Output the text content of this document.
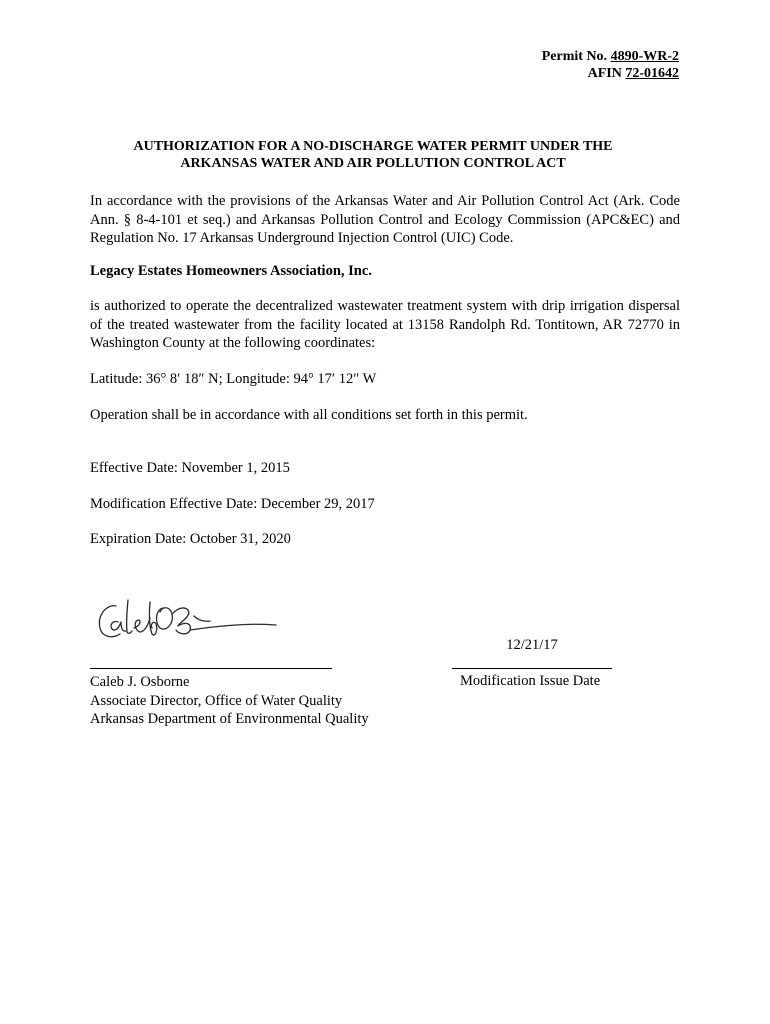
Permit No. 4890-WR-2
AFIN 72-01642
AUTHORIZATION FOR A NO-DISCHARGE WATER PERMIT UNDER THE
ARKANSAS WATER AND AIR POLLUTION CONTROL ACT
In accordance with the provisions of the Arkansas Water and Air Pollution Control Act (Ark. Code Ann. § 8-4-101 et seq.) and Arkansas Pollution Control and Ecology Commission (APC&EC) and Regulation No. 17 Arkansas Underground Injection Control (UIC) Code.
Legacy Estates Homeowners Association, Inc.
is authorized to operate the decentralized wastewater treatment system with drip irrigation dispersal of the treated wastewater from the facility located at 13158 Randolph Rd. Tontitown, AR 72770 in Washington County at the following coordinates:
Latitude: 36° 8′ 18″ N; Longitude: 94° 17′ 12″ W
Operation shall be in accordance with all conditions set forth in this permit.
Effective Date: November 1, 2015
Modification Effective Date: December 29, 2017
Expiration Date: October 31, 2020
Caleb J. Osborne
Associate Director, Office of Water Quality
Arkansas Department of Environmental Quality
12/21/17
Modification Issue Date
